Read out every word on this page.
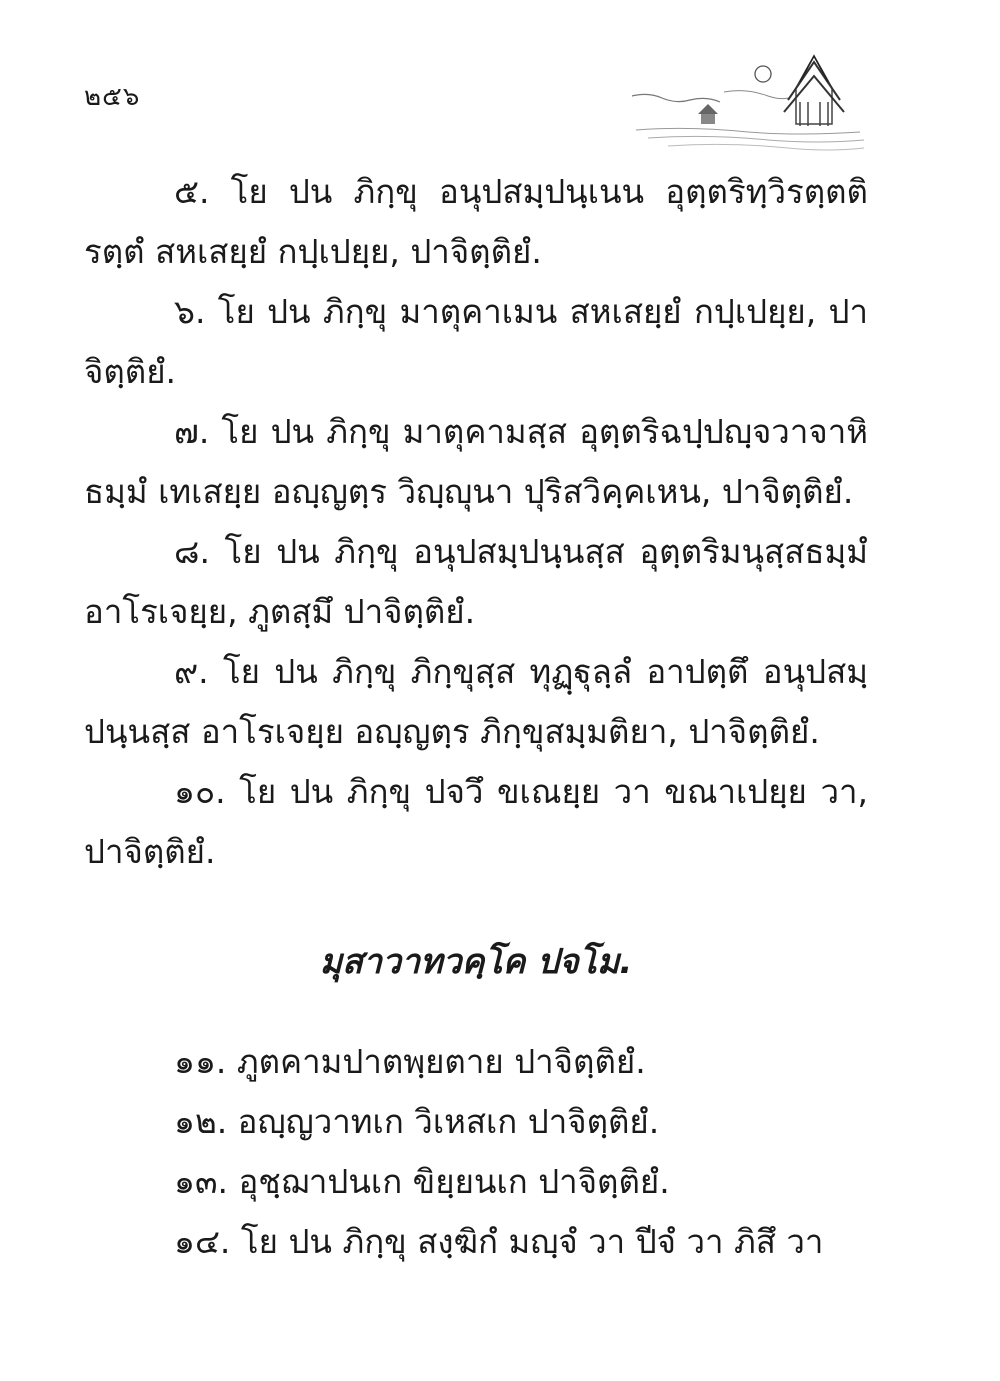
๒๕๖

๕. โย ปน ภิกฺขุ อนุปสมฺปนฺเนน อุตฺตริทฺวิรตฺตติรตฺตํ สหเสยฺยํ กปฺเปยฺย, ปาจิตฺติยํ.

๖. โย ปน ภิกฺขุ มาตุคาเมน สหเสยฺยํ กปฺเปยฺย, ปาจิตฺติยํ.

๗. โย ปน ภิกฺขุ มาตุคามสฺส อุตฺตริฉปฺปญฺจวาจาหิ ธมฺมํ เทเสยฺย อญฺญตฺร วิญฺญุนา ปุริสวิคฺคเหน, ปาจิตฺติยํ.

๘. โย ปน ภิกฺขุ อนุปสมฺปนฺนสฺส อุตฺตริมนุสฺสธมฺมํ อาโรเจยฺย, ภูตสฺมึ ปาจิตฺติยํ.

๙. โย ปน ภิกฺขุ ภิกฺขุสฺส ทุฏฺฐุลฺลํ อาปตฺตึ อนุปสมฺปนฺนสฺส อาโรเจยฺย อญฺญตฺร ภิกฺขุสมฺมติยา, ปาจิตฺติยํ.

๑๐. โย ปน ภิกฺขุ ปจวึ ขเณยฺย วา ขณาเปยฺย วา, ปาจิตฺติยํ.

มุสาวาทวคฺโค ปจโม.

๑๑. ภูตคามปาตพฺยตาย ปาจิตฺติยํ.

๑๒. อญฺญวาทเก วิเหสเก ปาจิตฺติยํ.

๑๓. อุชฺฌาปนเก ขิยฺยนเก ปาจิตฺติยํ.

๑๔. โย ปน ภิกฺขุ สงฺฆิกํ มญฺจํ วา ปีจํ วา ภิสึ วา
